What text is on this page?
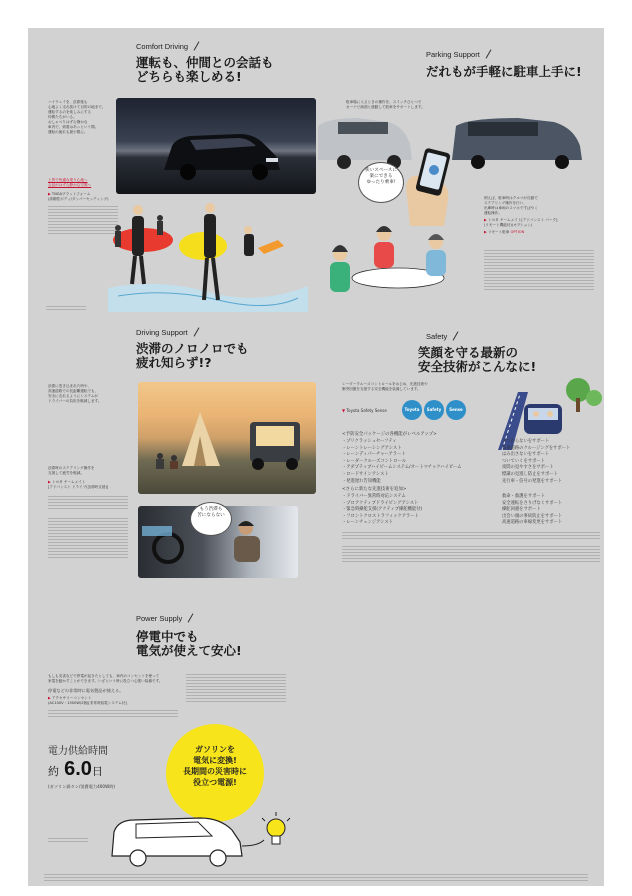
Comfort Driving
運転も、仲間との会話も
どちらも楽しめる!
ハイウェイを、渋滞後も
心地よく走れ抜けて目的の地まで。
運転するのを楽しみにする
仲間たちがいる。
おしゃべりはずむ静かな
車内で、到着はあっという間。
運転の疲れも最小限に。
上質で快適な乗り心地へ
会話がはずむ静かな空間へ
▶ TNGAプラットフォーム
(高剛性ボディ/ダンパーセッティング)
Parking Support
だれもが手軽に駐車上手に!
駐車場に入るときの操作を、スイッチひとつで
カーナビ画面と連動して駐車をサポートします。
狭いスペースに
楽にできる
ゆったり乗車!
例えば、駐車時はクルマが自動で
ステアリング操作を行い、
出庫時は車両のスマホですばやく
運転操作。
▶ トヨタ チームメイト[アドバンスト パーク]
(リモート機能付)(オプション)
▶ リモート駐車 OPTION
Driving Support
渋滞のノロノロでも
疲れ知らず!?
渋滞に巻き込まれた時や、
高速道路での長距離運転でも、
安全に走れるようにシステムが
ドライバーの負担を軽減します。
渋滞時のステアリング操作を
支援して疲労を軽減。
▶ トヨタ チームメイト
[アドバンスト ドライブ(渋滞時支援)]
もう渋滞も
苦にならない
Safety
笑顔を守る最新の
安全技術がこんなに!
レーダークルーズコントロールをはじめ、先進技術や
衝突回避を支援する安全機能を装備しています。
▼ Toyota Safety Sense	Toyota	Safety	Sense
<予防安全パッケージの各機能がレベルアップ>
・プリクラッシュセーフティ	ぶつからないをサポート
・レーントレーシングアシスト	高速道路のクルージングをサポート
・レーンディパーチャーアラート	はみ出さないをサポート
・レーダークルーズコントロール	ついていくをサポート
・アダプティブハイビームシステム/オートマチックハイビーム	夜間の見やすさをサポート
・ロードサインアシスト	標識の見逃し防止をサポート
・発進遅れ告知機能	先行車・信号の発進をサポート
<さらに新たな先進技術を追加>
・ドライバー異常時対応システム	救命・救護をサポート
・プロアクティブドライビングアシスト	安全運転をさりげなくサポート
・緊急時操舵支援(アクティブ操舵機能付)	操舵回避をサポート
・フロントクロストラフィックアラート	出会い頭の事故防止をサポート
・レーンチェンジアシスト	高速道路の車線変更をサポート
Power Supply
停電中でも
電気が使えて安心!
もしも災害などで停電が起きたとしても、車内のコンセントを使って
家電を動かすことができます。いざという時に役立つ心強い装備です。
停電などの非常時に電気製品が使える。
▶ アクセサリーコンセント
(AC100V・1500W/2個)[非常時給電システム付]
電力供給時間
約 6.0日
(ガソリン満タン/消費電力400W時)
ガソリンを
電気に変換!
長期間の災害時に
役立つ電源!
